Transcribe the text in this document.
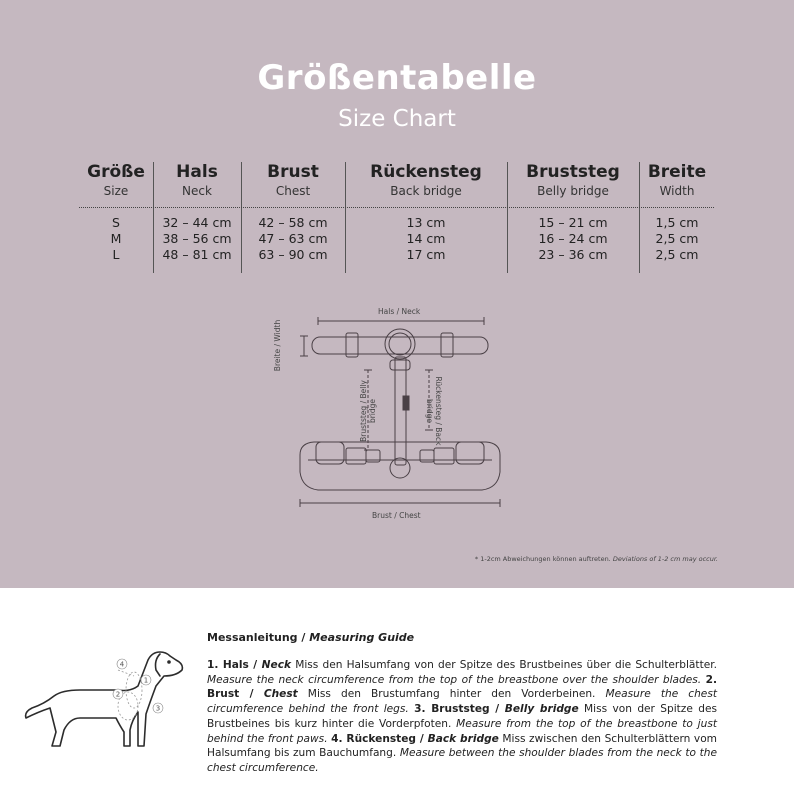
Größentabelle
Size Chart
Größe
Size
S
M
L
Hals
Neck
32 – 44 cm
38 – 56 cm
48 – 81 cm
Brust
Chest
42 – 58 cm
47 – 63 cm
63 – 90 cm
Rückensteg
Back bridge
13 cm
14 cm
17 cm
Bruststeg
Belly bridge
15 – 21 cm
16 – 24 cm
23 – 36 cm
Breite
Width
1,5 cm
2,5 cm
2,5 cm
Hals / Neck
Breite / Width
Bruststeg / Belly bridge	Rückensteg / Back bridge
Brust / Chest
* 1-2cm Abweichungen können auftreten. Deviations of 1-2 cm may occur.
Messanleitung / Measuring Guide
4
1
2
3
1. Hals / Neck Miss den Halsumfang von der Spitze des Brustbeines über die Schulterblätter. Measure the neck circumference from the top of the breastbone over the shoulder blades. 2. Brust / Chest Miss den Brustumfang hinter den Vorderbeinen. Measure the chest circumference behind the front legs. 3. Bruststeg / Belly bridge Miss von der Spitze des Brustbeines bis kurz hinter die Vorderpfoten. Measure from the top of the breastbone to just behind the front paws. 4. Rückensteg / Back bridge Miss zwischen den Schulterblättern vom Halsumfang bis zum Bauchumfang. Measure between the shoulder blades from the neck to the chest circumference.
